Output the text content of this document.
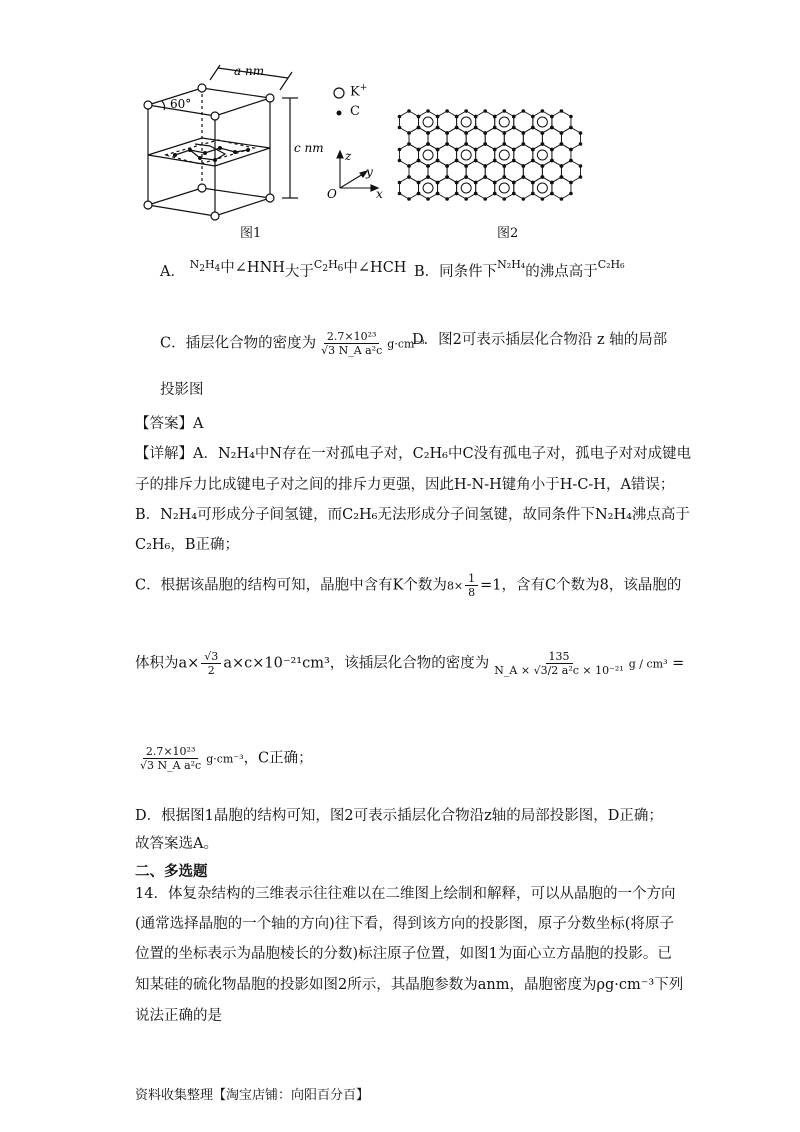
60°
a nm
c nm
图1
K+
C
z
y
x
O
图2
A． $^{N_2H_4}$中∠HNH大于$^{C_2H_6}$中∠HCH B．同条件下$^{N_2H_4}$的沸点高于$^{C_2H_6}$
C．插层化合物的密度为 $\frac{\text{2.7×10²³}}{\text{√3 N\_A a²c}} g\cdot cm^{-3}$
D．图2可表示插层化合物沿 z 轴的局部
投影图
【答案】A
【详解】A．N₂H₄中N存在一对孤电子对，C₂H₆中C没有孤电子对，孤电子对对成键电
子的排斥力比成键电子对之间的排斥力更强，因此H-N-H键角小于H-C-H，A错误；
B．N₂H₄可形成分子间氢键，而C₂H₆无法形成分子间氢键，故同条件下N₂H₄沸点高于
C₂H₆，B正确；
C．根据该晶胞的结构可知，晶胞中含有K个数为$8\times \frac{1}{8} =1$，含有C个数为8，该晶胞的
体积为$a\times \frac{√3}{2} a\times c\times 10^{-21}cm^3$，该插层化合物的密度为 $\frac{135}{\text{N\_A × √3/2 a²c × 10⁻²¹}}$ g / cm³ =
$\frac{\text{2.7×10²³}}{\text{√3 N\_A a²c}} g\cdot cm^{-3}$，C正确；
D．根据图1晶胞的结构可知，图2可表示插层化合物沿z轴的局部投影图，D正确；
故答案选A。
二、多选题
14．体复杂结构的三维表示往往难以在二维图上绘制和解释，可以从晶胞的一个方向
(通常选择晶胞的一个轴的方向)往下看，得到该方向的投影图，原子分数坐标(将原子
位置的坐标表示为晶胞棱长的分数)标注原子位置，如图1为面心立方晶胞的投影。已
知某硅的硫化物晶胞的投影如图2所示，其晶胞参数为anm，晶胞密度为ρg·cm⁻³下列
说法正确的是
资料收集整理【淘宝店铺：向阳百分百】
